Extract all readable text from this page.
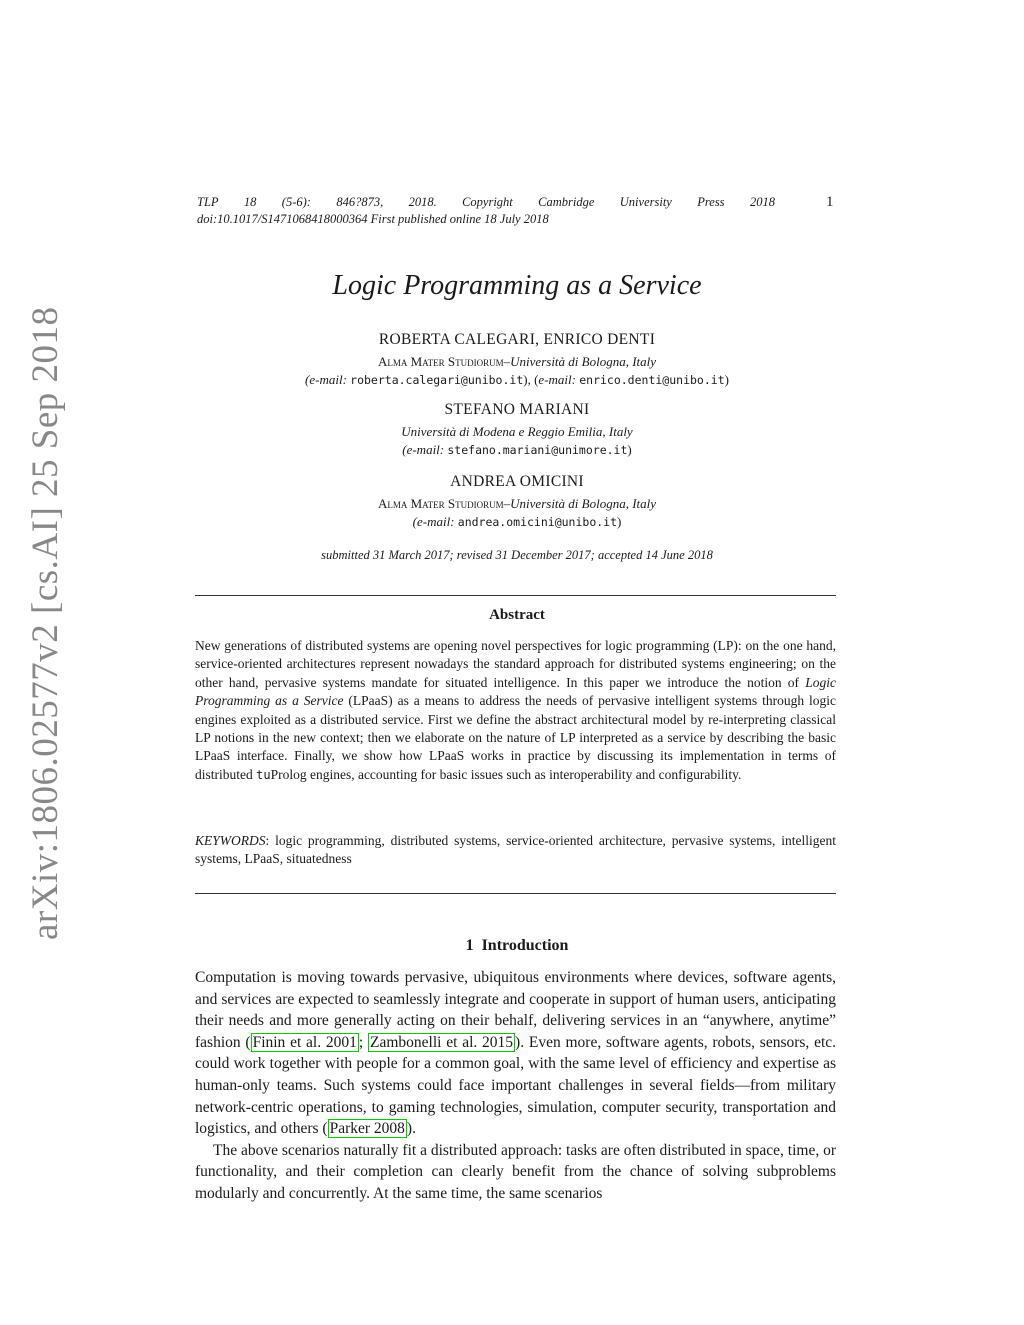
arXiv:1806.02577v2 [cs.AI] 25 Sep 2018
TLP 18 (5-6): 846?873, 2018. Copyright Cambridge University Press 2018
doi:10.1017/S1471068418000364 First published online 18 July 2018
1
Logic Programming as a Service
ROBERTA CALEGARI, ENRICO DENTI
Alma Mater Studiorum–Università di Bologna, Italy
(e-mail: roberta.calegari@unibo.it), (e-mail: enrico.denti@unibo.it)
STEFANO MARIANI
Università di Modena e Reggio Emilia, Italy
(e-mail: stefano.mariani@unimore.it)
ANDREA OMICINI
Alma Mater Studiorum–Università di Bologna, Italy
(e-mail: andrea.omicini@unibo.it)
submitted 31 March 2017; revised 31 December 2017; accepted 14 June 2018
Abstract
New generations of distributed systems are opening novel perspectives for logic programming (LP): on the one hand, service-oriented architectures represent nowadays the standard approach for distributed systems engineering; on the other hand, pervasive systems mandate for situated intelligence. In this paper we introduce the notion of Logic Programming as a Service (LPaaS) as a means to address the needs of pervasive intelligent systems through logic engines exploited as a distributed service. First we define the abstract architectural model by re-interpreting classical LP notions in the new context; then we elaborate on the nature of LP interpreted as a service by describing the basic LPaaS interface. Finally, we show how LPaaS works in practice by discussing its implementation in terms of distributed tuProlog engines, accounting for basic issues such as interoperability and configurability.
KEYWORDS: logic programming, distributed systems, service-oriented architecture, pervasive systems, intelligent systems, LPaaS, situatedness
1 Introduction

Computation is moving towards pervasive, ubiquitous environments where devices, software agents, and services are expected to seamlessly integrate and cooperate in support of human users, anticipating their needs and more generally acting on their behalf, delivering services in an “anywhere, anytime” fashion ( Finin et al. 2001 ; Zambonelli et al. 2015 ). Even more, software agents, robots, sensors, etc. could work together with people for a common goal, with the same level of efficiency and expertise as human-only teams. Such systems could face important challenges in several fields—from military network-centric operations, to gaming technologies, simulation, computer security, transportation and logistics, and others ( Parker 2008 ).

The above scenarios naturally fit a distributed approach: tasks are often distributed in space, time, or functionality, and their completion can clearly benefit from the chance of solving subproblems modularly and concurrently. At the same time, the same scenarios
